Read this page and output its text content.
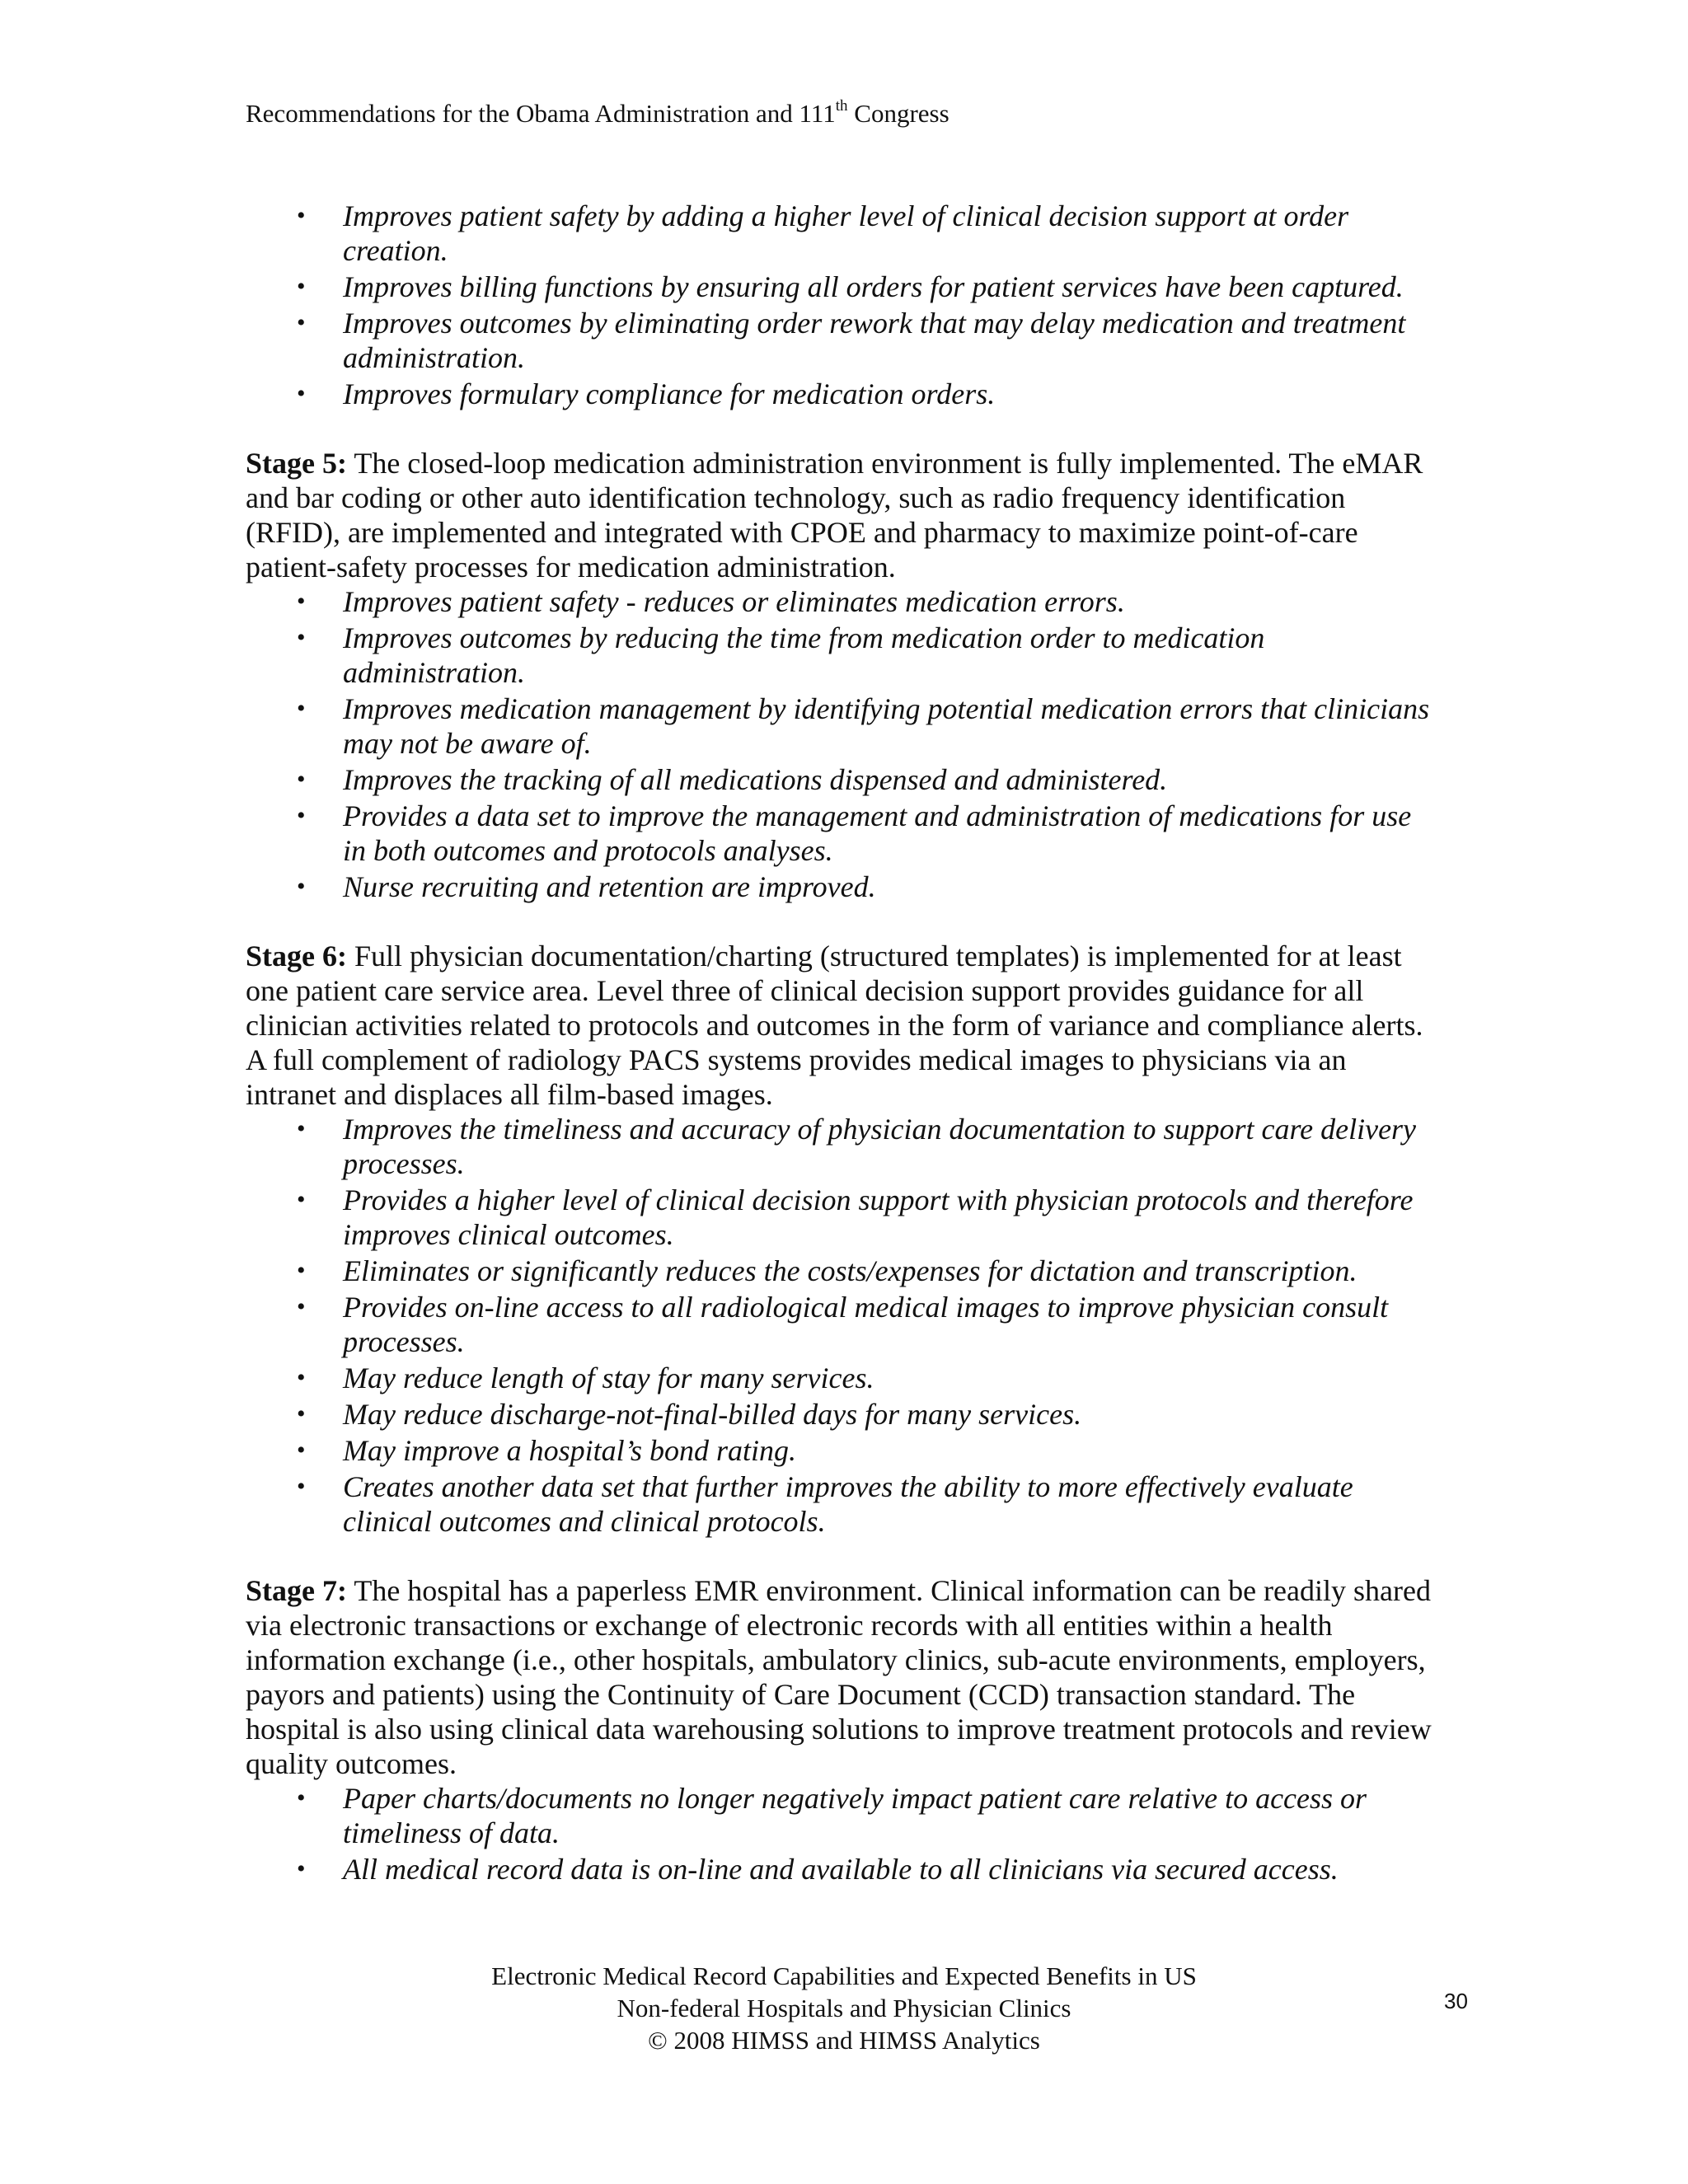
Recommendations for the Obama Administration and 111th Congress
• Improves patient safety by adding a higher level of clinical decision support at order creation.
• Improves billing functions by ensuring all orders for patient services have been captured.
• Improves outcomes by eliminating order rework that may delay medication and treatment administration.
• Improves formulary compliance for medication orders.

Stage 5: The closed-loop medication administration environment is fully implemented. The eMAR and bar coding or other auto identification technology, such as radio frequency identification (RFID), are implemented and integrated with CPOE and pharmacy to maximize point-of-care patient-safety processes for medication administration.

• Improves patient safety - reduces or eliminates medication errors.
• Improves outcomes by reducing the time from medication order to medication administration.
• Improves medication management by identifying potential medication errors that clinicians may not be aware of.
• Improves the tracking of all medications dispensed and administered.
• Provides a data set to improve the management and administration of medications for use in both outcomes and protocols analyses.
• Nurse recruiting and retention are improved.

Stage 6: Full physician documentation/charting (structured templates) is implemented for at least one patient care service area. Level three of clinical decision support provides guidance for all clinician activities related to protocols and outcomes in the form of variance and compliance alerts. A full complement of radiology PACS systems provides medical images to physicians via an intranet and displaces all film-based images.

• Improves the timeliness and accuracy of physician documentation to support care delivery processes.
• Provides a higher level of clinical decision support with physician protocols and therefore improves clinical outcomes.
• Eliminates or significantly reduces the costs/expenses for dictation and transcription.
• Provides on-line access to all radiological medical images to improve physician consult processes.
• May reduce length of stay for many services.
• May reduce discharge-not-final-billed days for many services.
• May improve a hospital’s bond rating.
• Creates another data set that further improves the ability to more effectively evaluate clinical outcomes and clinical protocols.

Stage 7: The hospital has a paperless EMR environment. Clinical information can be readily shared via electronic transactions or exchange of electronic records with all entities within a health information exchange (i.e., other hospitals, ambulatory clinics, sub-acute environments, employers, payors and patients) using the Continuity of Care Document (CCD) transaction standard. The hospital is also using clinical data warehousing solutions to improve treatment protocols and review quality outcomes.

• Paper charts/documents no longer negatively impact patient care relative to access or timeliness of data.
• All medical record data is on-line and available to all clinicians via secured access.
Electronic Medical Record Capabilities and Expected Benefits in US
Non-federal Hospitals and Physician Clinics
© 2008 HIMSS and HIMSS Analytics
30
